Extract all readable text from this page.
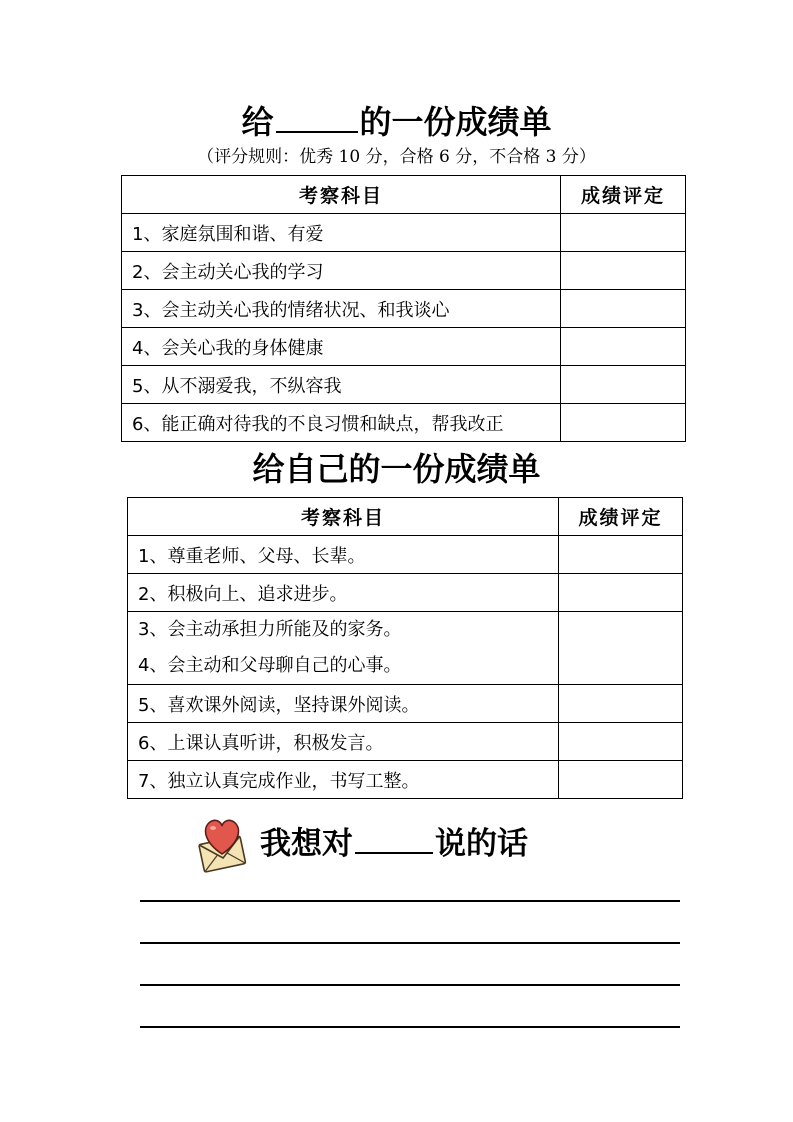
给	的一份成绩单
（评分规则：优秀 10 分，合格 6 分，不合格 3 分）
考察科目	成绩评定
1、家庭氛围和谐、有爱	
2、会主动关心我的学习	
3、会主动关心我的情绪状况、和我谈心	
4、会关心我的身体健康	
5、从不溺爱我，不纵容我	
6、能正确对待我的不良习惯和缺点，帮我改正	
给自己的一份成绩单
考察科目	成绩评定
1、尊重老师、父母、长辈。	
2、积极向上、追求进步。	

3、会主动承担力所能及的家务。
4、会主动和父母聊自己的心事。	

5、喜欢课外阅读，坚持课外阅读。	
6、上课认真听讲，积极发言。	
7、独立认真完成作业，书写工整。	
我想对	说的话
